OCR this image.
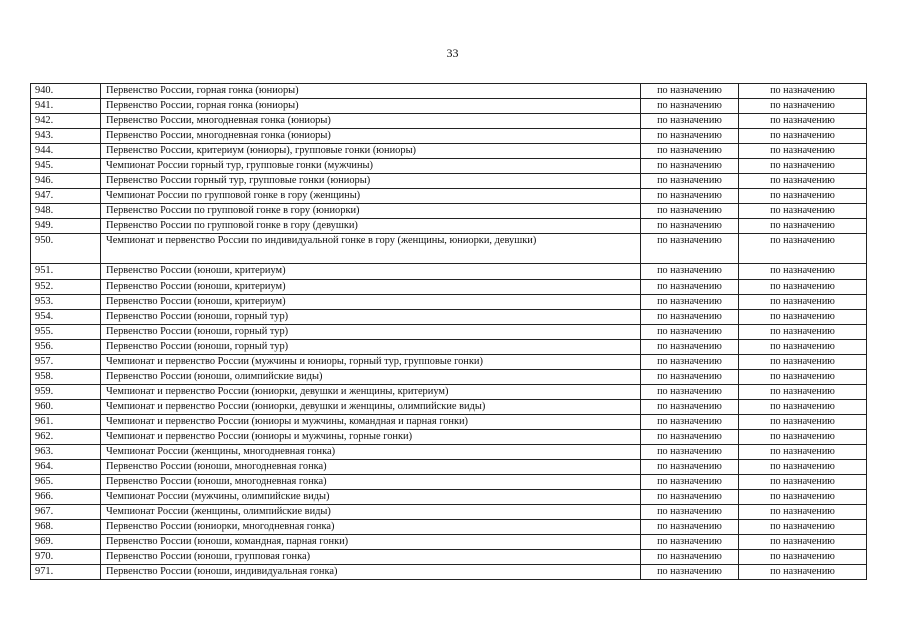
33
940.	Первенство России, горная гонка (юниоры)	по назначению	по назначению
941.	Первенство России, горная гонка (юниоры)	по назначению	по назначению
942.	Первенство России, многодневная гонка (юниоры)	по назначению	по назначению
943.	Первенство России, многодневная гонка (юниоры)	по назначению	по назначению
944.	Первенство России, критериум (юниоры), групповые гонки (юниоры)	по назначению	по назначению
945.	Чемпионат России горный тур, групповые гонки (мужчины)	по назначению	по назначению
946.	Первенство России горный тур, групповые гонки (юниоры)	по назначению	по назначению
947.	Чемпионат России по групповой гонке в гору (женщины)	по назначению	по назначению
948.	Первенство России по групповой гонке в гору (юниорки)	по назначению	по назначению
949.	Первенство России по групповой гонке в гору (девушки)	по назначению	по назначению
950.	Чемпионат и первенство России по индивидуальной гонке в гору (женщины, юниорки, девушки)	по назначению	по назначению
951.	Первенство России (юноши, критериум)	по назначению	по назначению
952.	Первенство России (юноши, критериум)	по назначению	по назначению
953.	Первенство России (юноши, критериум)	по назначению	по назначению
954.	Первенство России (юноши, горный тур)	по назначению	по назначению
955.	Первенство России (юноши, горный тур)	по назначению	по назначению
956.	Первенство России (юноши, горный тур)	по назначению	по назначению
957.	Чемпионат и первенство России (мужчины и юниоры, горный тур, групповые гонки)	по назначению	по назначению
958.	Первенство России (юноши, олимпийские виды)	по назначению	по назначению
959.	Чемпионат и первенство России (юниорки, девушки и женщины, критериум)	по назначению	по назначению
960.	Чемпионат и первенство России (юниорки, девушки и женщины, олимпийские виды)	по назначению	по назначению
961.	Чемпионат и первенство России (юниоры и мужчины, командная и парная гонки)	по назначению	по назначению
962.	Чемпионат и первенство России (юниоры и мужчины, горные гонки)	по назначению	по назначению
963.	Чемпионат России (женщины, многодневная гонка)	по назначению	по назначению
964.	Первенство России (юноши, многодневная гонка)	по назначению	по назначению
965.	Первенство России (юноши, многодневная гонка)	по назначению	по назначению
966.	Чемпионат России (мужчины, олимпийские виды)	по назначению	по назначению
967.	Чемпионат России (женщины, олимпийские виды)	по назначению	по назначению
968.	Первенство России (юниорки, многодневная гонка)	по назначению	по назначению
969.	Первенство России (юноши, командная, парная гонки)	по назначению	по назначению
970.	Первенство России (юноши, групповая гонка)	по назначению	по назначению
971.	Первенство России (юноши, индивидуальная гонка)	по назначению	по назначению
